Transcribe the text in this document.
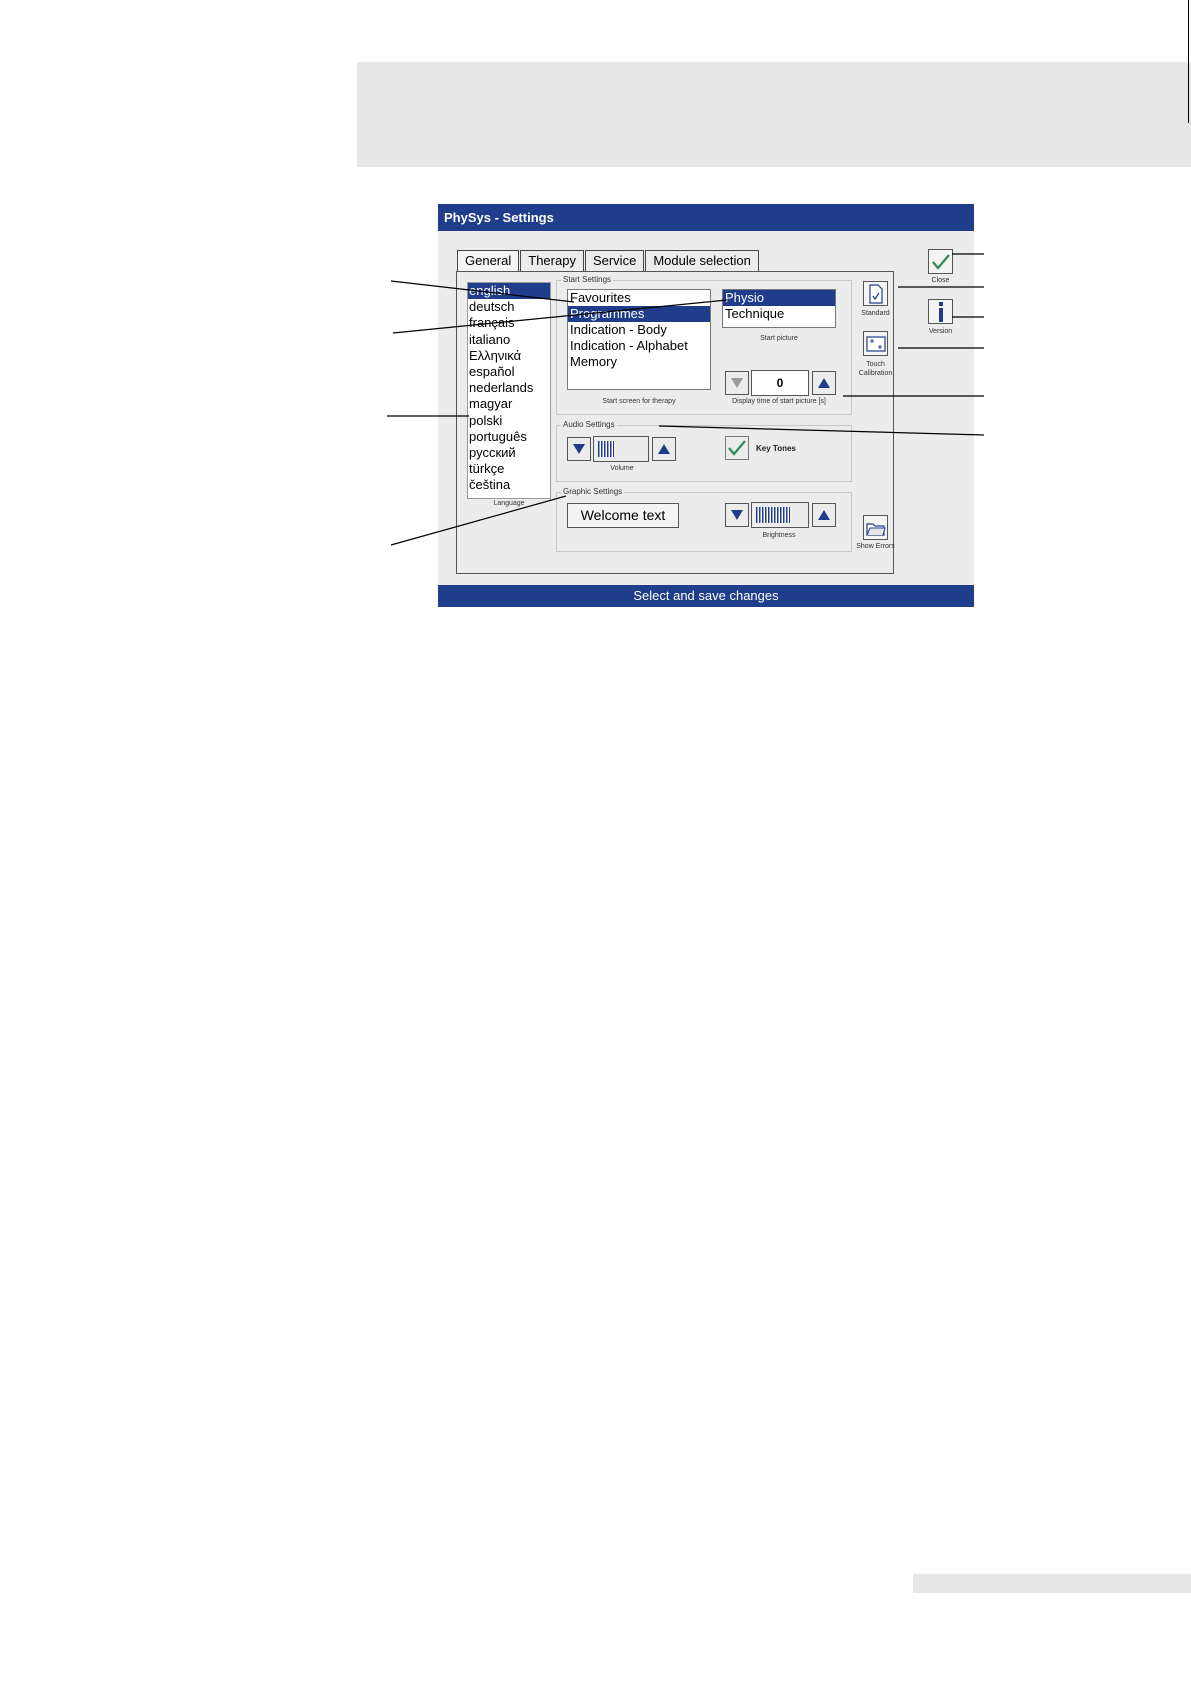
PhySys - Settings
General	Therapy	Service	Module selection
english
deutsch
français
italiano
Ελληνικά
español
nederlands
magyar
polski
português
русский
türkçe
čeština
Language
Start Settings
Favourites
Programmes
Indication - Body
Indication - Alphabet
Memory
Start screen for therapy
Physio
Technique
Start picture
0
Display time of start picture [s]
Audio Settings
Volume
Key Tones
Graphic Settings
Welcome text
Brightness
Close
Standard
Version
Touch
Calibration
Show Errors
Select and save changes
